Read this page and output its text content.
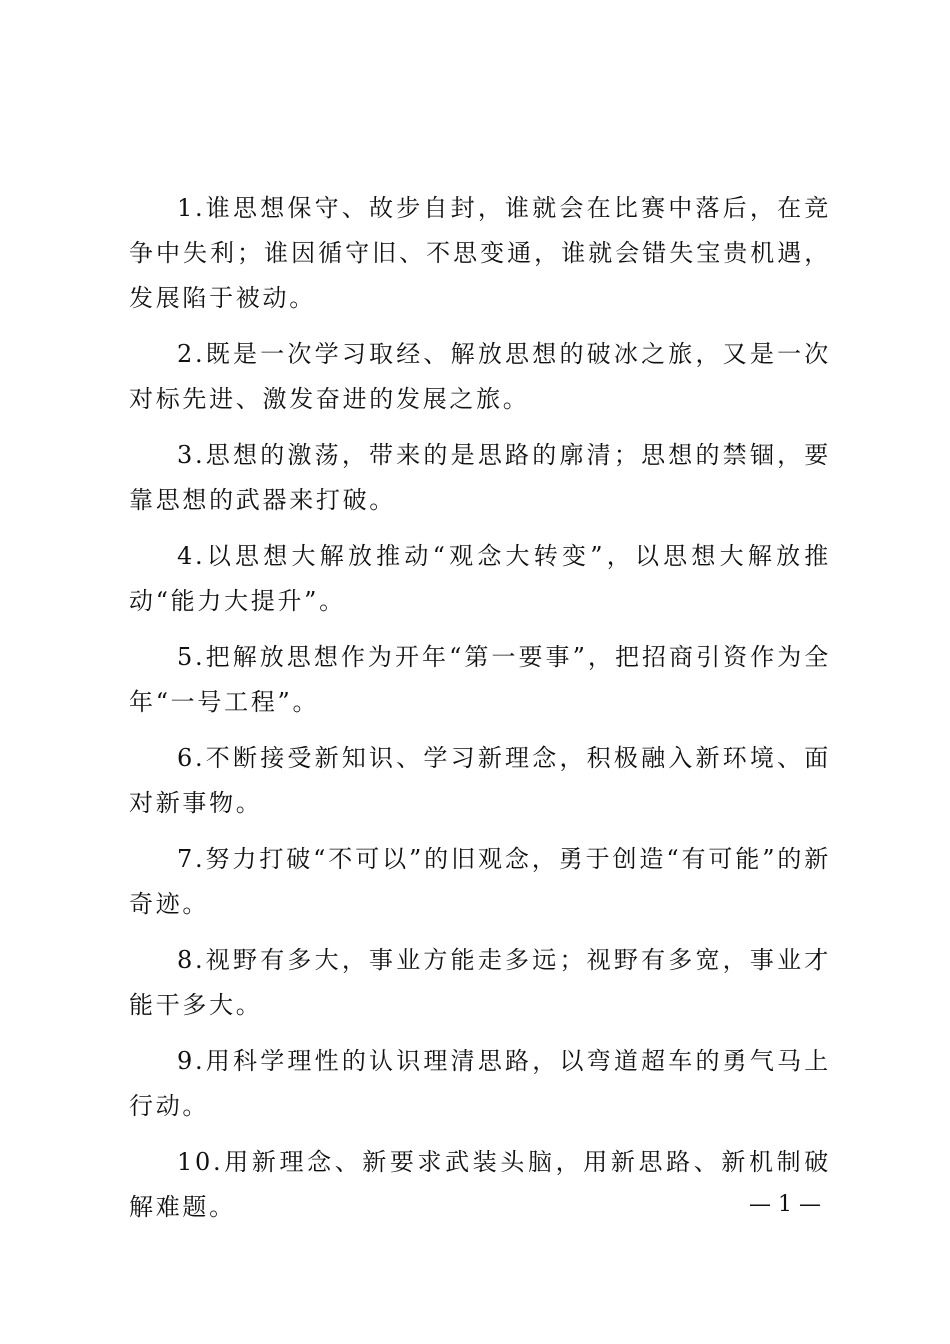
1.谁思想保守、故步自封，谁就会在比赛中落后，在竞争中失利；谁因循守旧、不思变通，谁就会错失宝贵机遇，发展陷于被动。

2.既是一次学习取经、解放思想的破冰之旅，又是一次对标先进、激发奋进的发展之旅。

3.思想的激荡，带来的是思路的廓清；思想的禁锢，要靠思想的武器来打破。

4.以思想大解放推动“观念大转变”，以思想大解放推动“能力大提升”。

5.把解放思想作为开年“第一要事”，把招商引资作为全年“一号工程”。

6.不断接受新知识、学习新理念，积极融入新环境、面对新事物。

7.努力打破“不可以”的旧观念，勇于创造“有可能”的新奇迹。

8.视野有多大，事业方能走多远；视野有多宽，事业才能干多大。

9.用科学理性的认识理清思路，以弯道超车的勇气马上行动。

10.用新理念、新要求武装头脑，用新思路、新机制破解难题。	— 1 —
